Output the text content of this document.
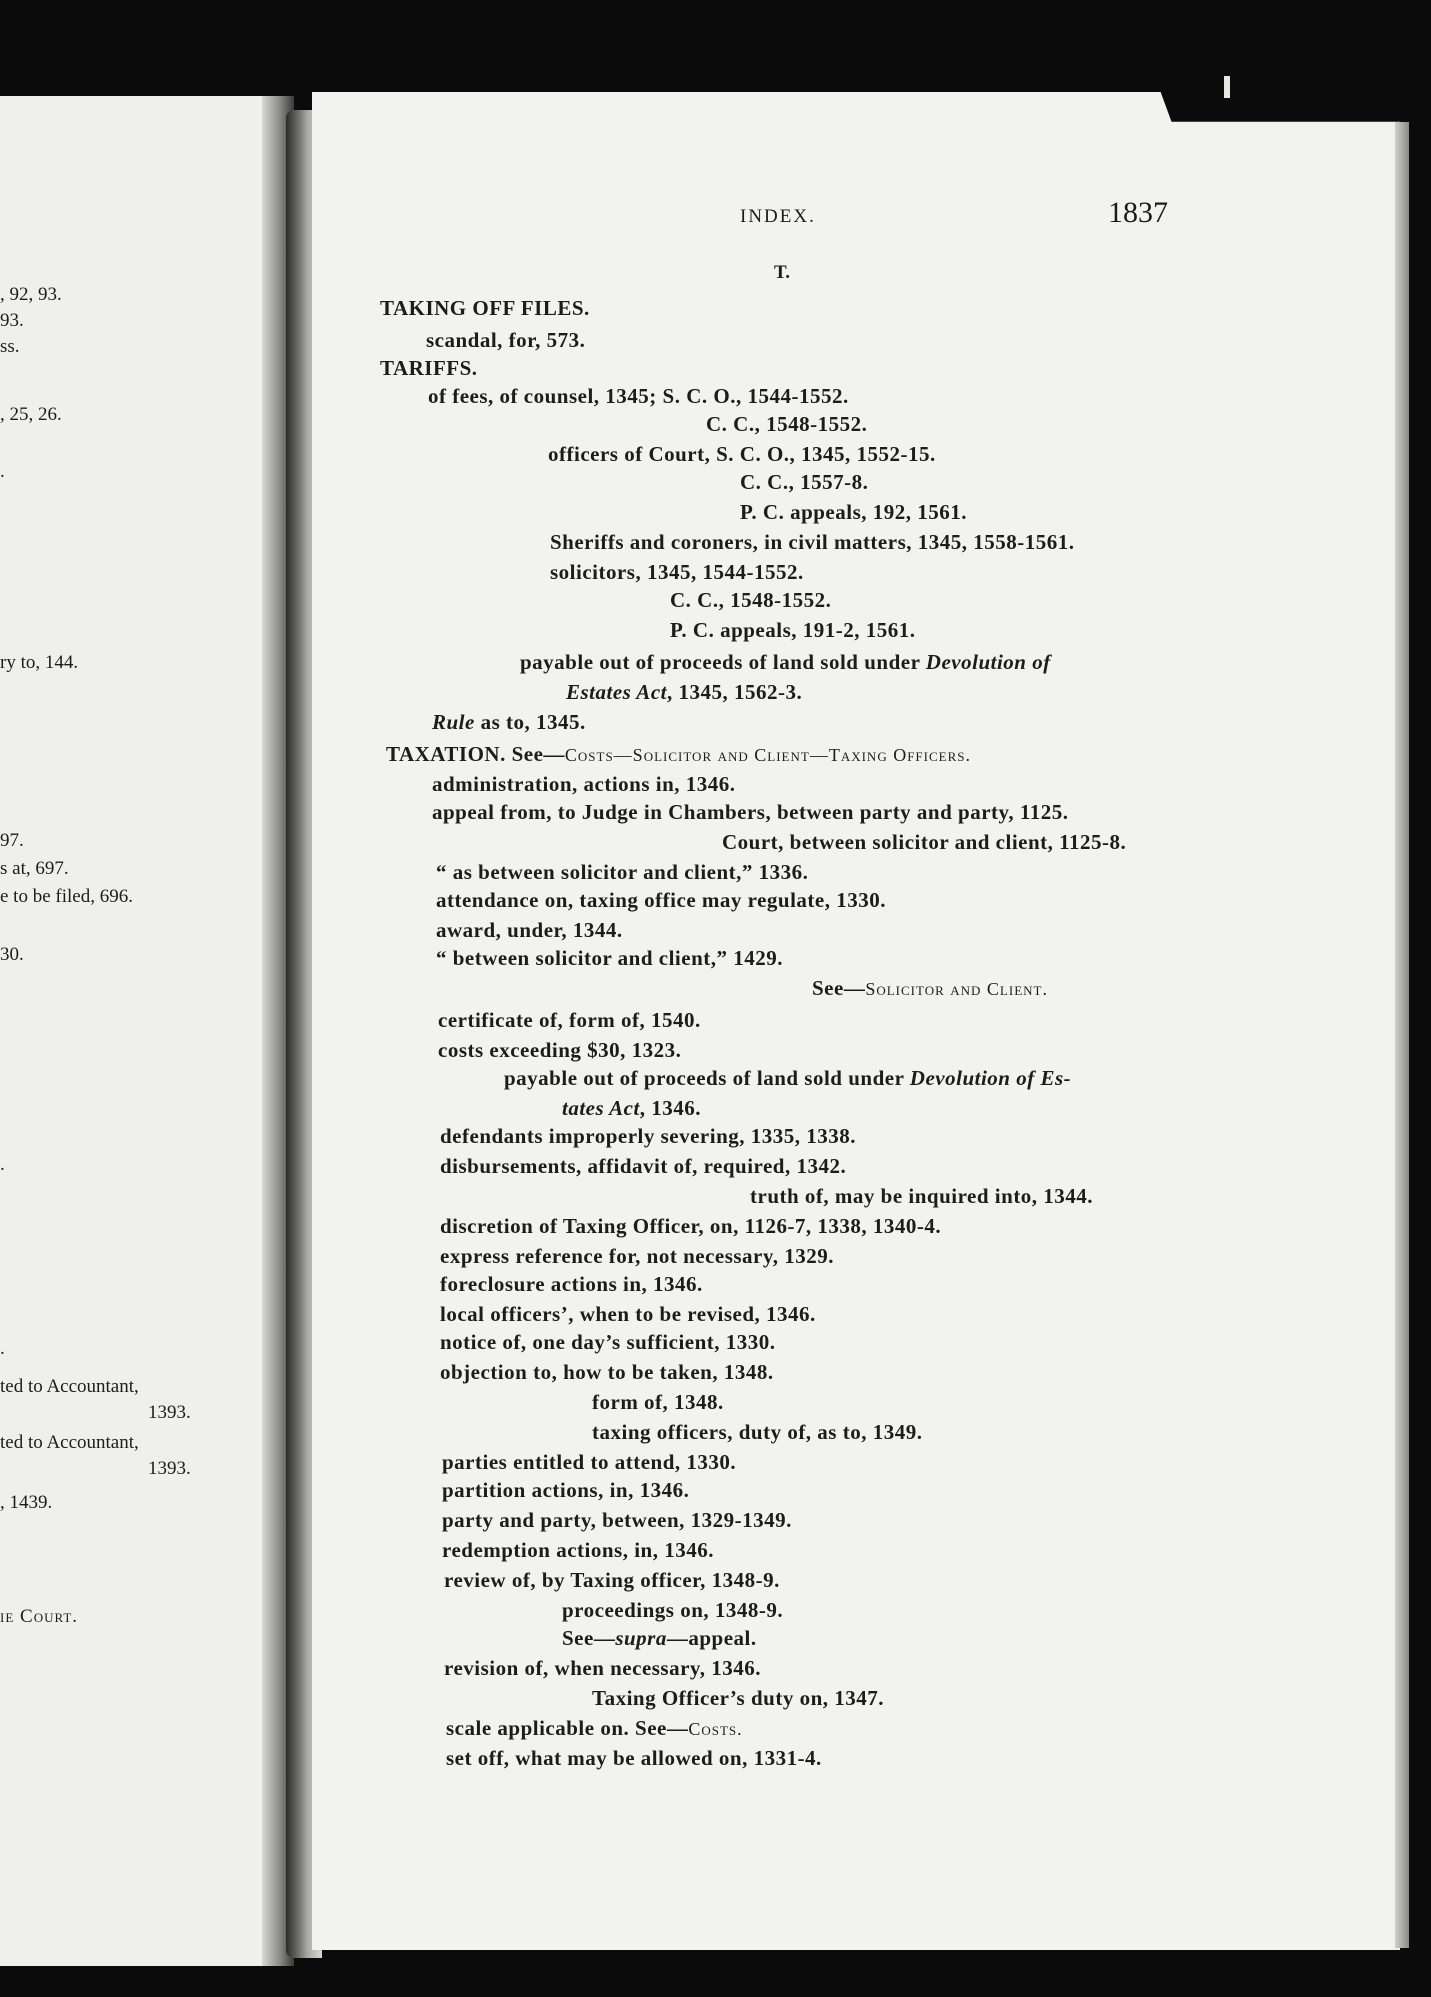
, 92, 93.
93.
ss.
, 25, 26.
.
ry to, 144.
97.
s at, 697.
e to be filed, 696.
30.
.
.
ted to Accountant,
1393.
ted to Accountant,
1393.
, 1439.
ie Court.
INDEX.	1837
T.
TAKING OFF FILES.
scandal, for, 573.
TARIFFS.
of fees, of counsel, 1345; S. C. O., 1544-1552.
C. C., 1548-1552.
officers of Court, S. C. O., 1345, 1552-15.
C. C., 1557-8.
P. C. appeals, 192, 1561.
Sheriffs and coroners, in civil matters, 1345, 1558-1561.
solicitors, 1345, 1544-1552.
C. C., 1548-1552.
P. C. appeals, 191-2, 1561.
payable out of proceeds of land sold under Devolution of
Estates Act, 1345, 1562-3.
Rule as to, 1345.
TAXATION. See—Costs—Solicitor and Client—Taxing Officers.
administration, actions in, 1346.
appeal from, to Judge in Chambers, between party and party, 1125.
Court, between solicitor and client, 1125-8.
“ as between solicitor and client,” 1336.
attendance on, taxing office may regulate, 1330.
award, under, 1344.
“ between solicitor and client,” 1429.
See—Solicitor and Client.
certificate of, form of, 1540.
costs exceeding $30, 1323.
payable out of proceeds of land sold under Devolution of Es-
tates Act, 1346.
defendants improperly severing, 1335, 1338.
disbursements, affidavit of, required, 1342.
truth of, may be inquired into, 1344.
discretion of Taxing Officer, on, 1126-7, 1338, 1340-4.
express reference for, not necessary, 1329.
foreclosure actions in, 1346.
local officers’, when to be revised, 1346.
notice of, one day’s sufficient, 1330.
objection to, how to be taken, 1348.
form of, 1348.
taxing officers, duty of, as to, 1349.
parties entitled to attend, 1330.
partition actions, in, 1346.
party and party, between, 1329-1349.
redemption actions, in, 1346.
review of, by Taxing officer, 1348-9.
proceedings on, 1348-9.
See—supra—appeal.
revision of, when necessary, 1346.
Taxing Officer’s duty on, 1347.
scale applicable on. See—Costs.
set off, what may be allowed on, 1331-4.
